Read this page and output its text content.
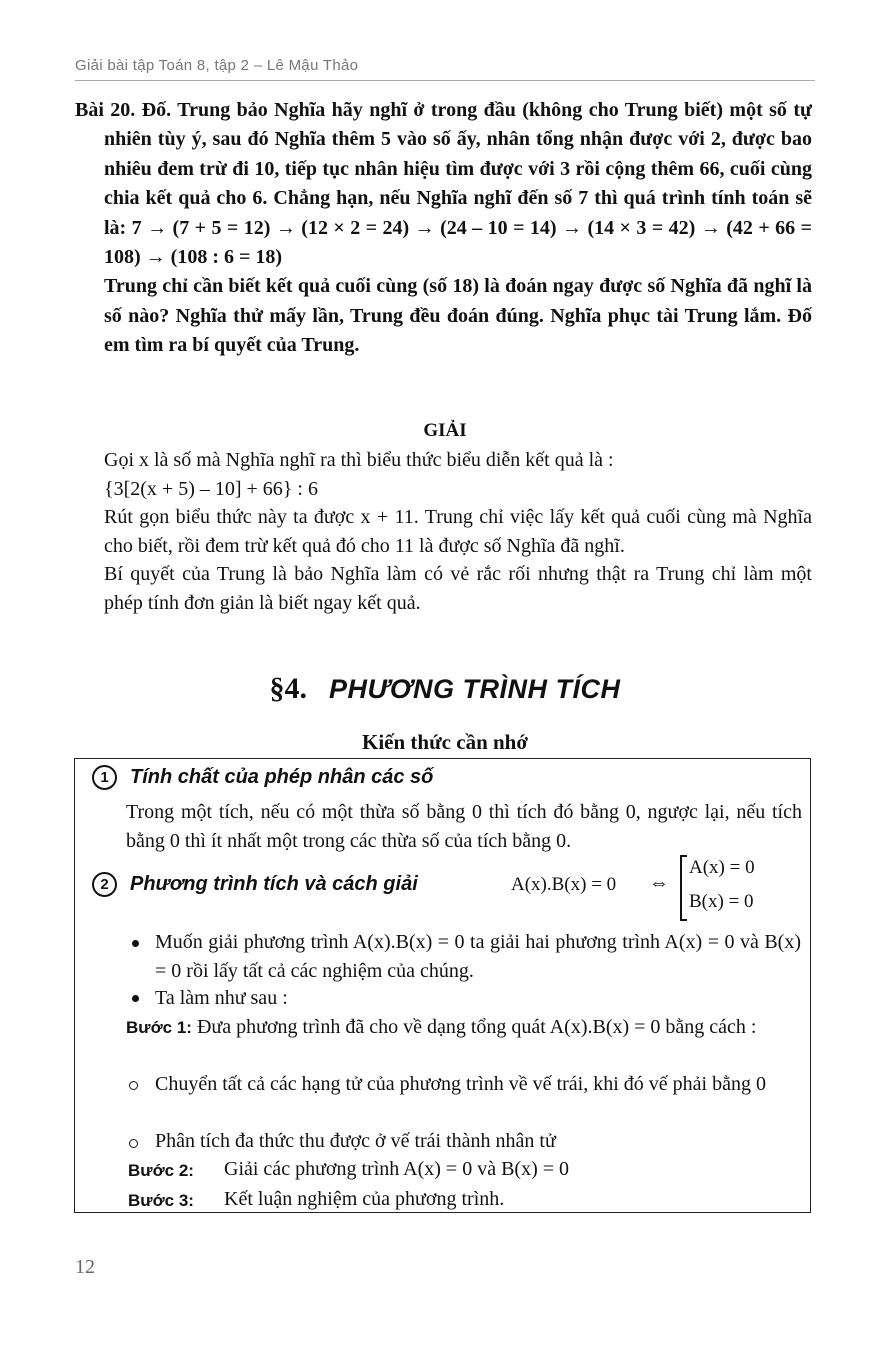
Giải bài tập Toán 8, tập 2 – Lê Mậu Thảo

Bài 20. Đố. Trung bảo Nghĩa hãy nghĩ ở trong đầu (không cho Trung biết) một số tự nhiên tùy ý, sau đó Nghĩa thêm 5 vào số ấy, nhân tổng nhận được với 2, được bao nhiêu đem trừ đi 10, tiếp tục nhân hiệu tìm được với 3 rồi cộng thêm 66, cuối cùng chia kết quả cho 6. Chẳng hạn, nếu Nghĩa nghĩ đến số 7 thì quá trình tính toán sẽ là: 7 → (7 + 5 = 12) → (12 × 2 = 24) → (24 – 10 = 14) → (14 × 3 = 42) → (42 + 66 = 108) → (108 : 6 = 18)

Trung chỉ cần biết kết quả cuối cùng (số 18) là đoán ngay được số Nghĩa đã nghĩ là số nào? Nghĩa thử mấy lần, Trung đều đoán đúng. Nghĩa phục tài Trung lắm. Đố em tìm ra bí quyết của Trung.

GIẢI

Gọi x là số mà Nghĩa nghĩ ra thì biểu thức biểu diễn kết quả là :

{3[2(x + 5) – 10] + 66} : 6

Rút gọn biểu thức này ta được x + 11. Trung chỉ việc lấy kết quả cuối cùng mà Nghĩa cho biết, rồi đem trừ kết quả đó cho 11 là được số Nghĩa đã nghĩ.

Bí quyết của Trung là bảo Nghĩa làm có vẻ rắc rối nhưng thật ra Trung chỉ làm một phép tính đơn giản là biết ngay kết quả.

§4. PHƯƠNG TRÌNH TÍCH
Kiến thức cần nhớ
1 Tính chất của phép nhân các số
Trong một tích, nếu có một thừa số bằng 0 thì tích đó bằng 0, ngược lại, nếu tích bằng 0 thì ít nhất một trong các thừa số của tích bằng 0.
2 Phương trình tích và cách giải	A(x).B(x) = 0 ⇔
A(x) = 0
B(x) = 0
Muốn giải phương trình A(x).B(x) = 0 ta giải hai phương trình A(x) = 0 và B(x) = 0 rồi lấy tất cả các nghiệm của chúng.
Ta làm như sau :
Bước 1: Đưa phương trình đã cho về dạng tổng quát A(x).B(x) = 0 bằng cách :
Chuyển tất cả các hạng tử của phương trình về vế trái, khi đó vế phải bằng 0
Phân tích đa thức thu được ở vế trái thành nhân tử
Bước 2: Giải các phương trình A(x) = 0 và B(x) = 0
Bước 3: Kết luận nghiệm của phương trình.
12
